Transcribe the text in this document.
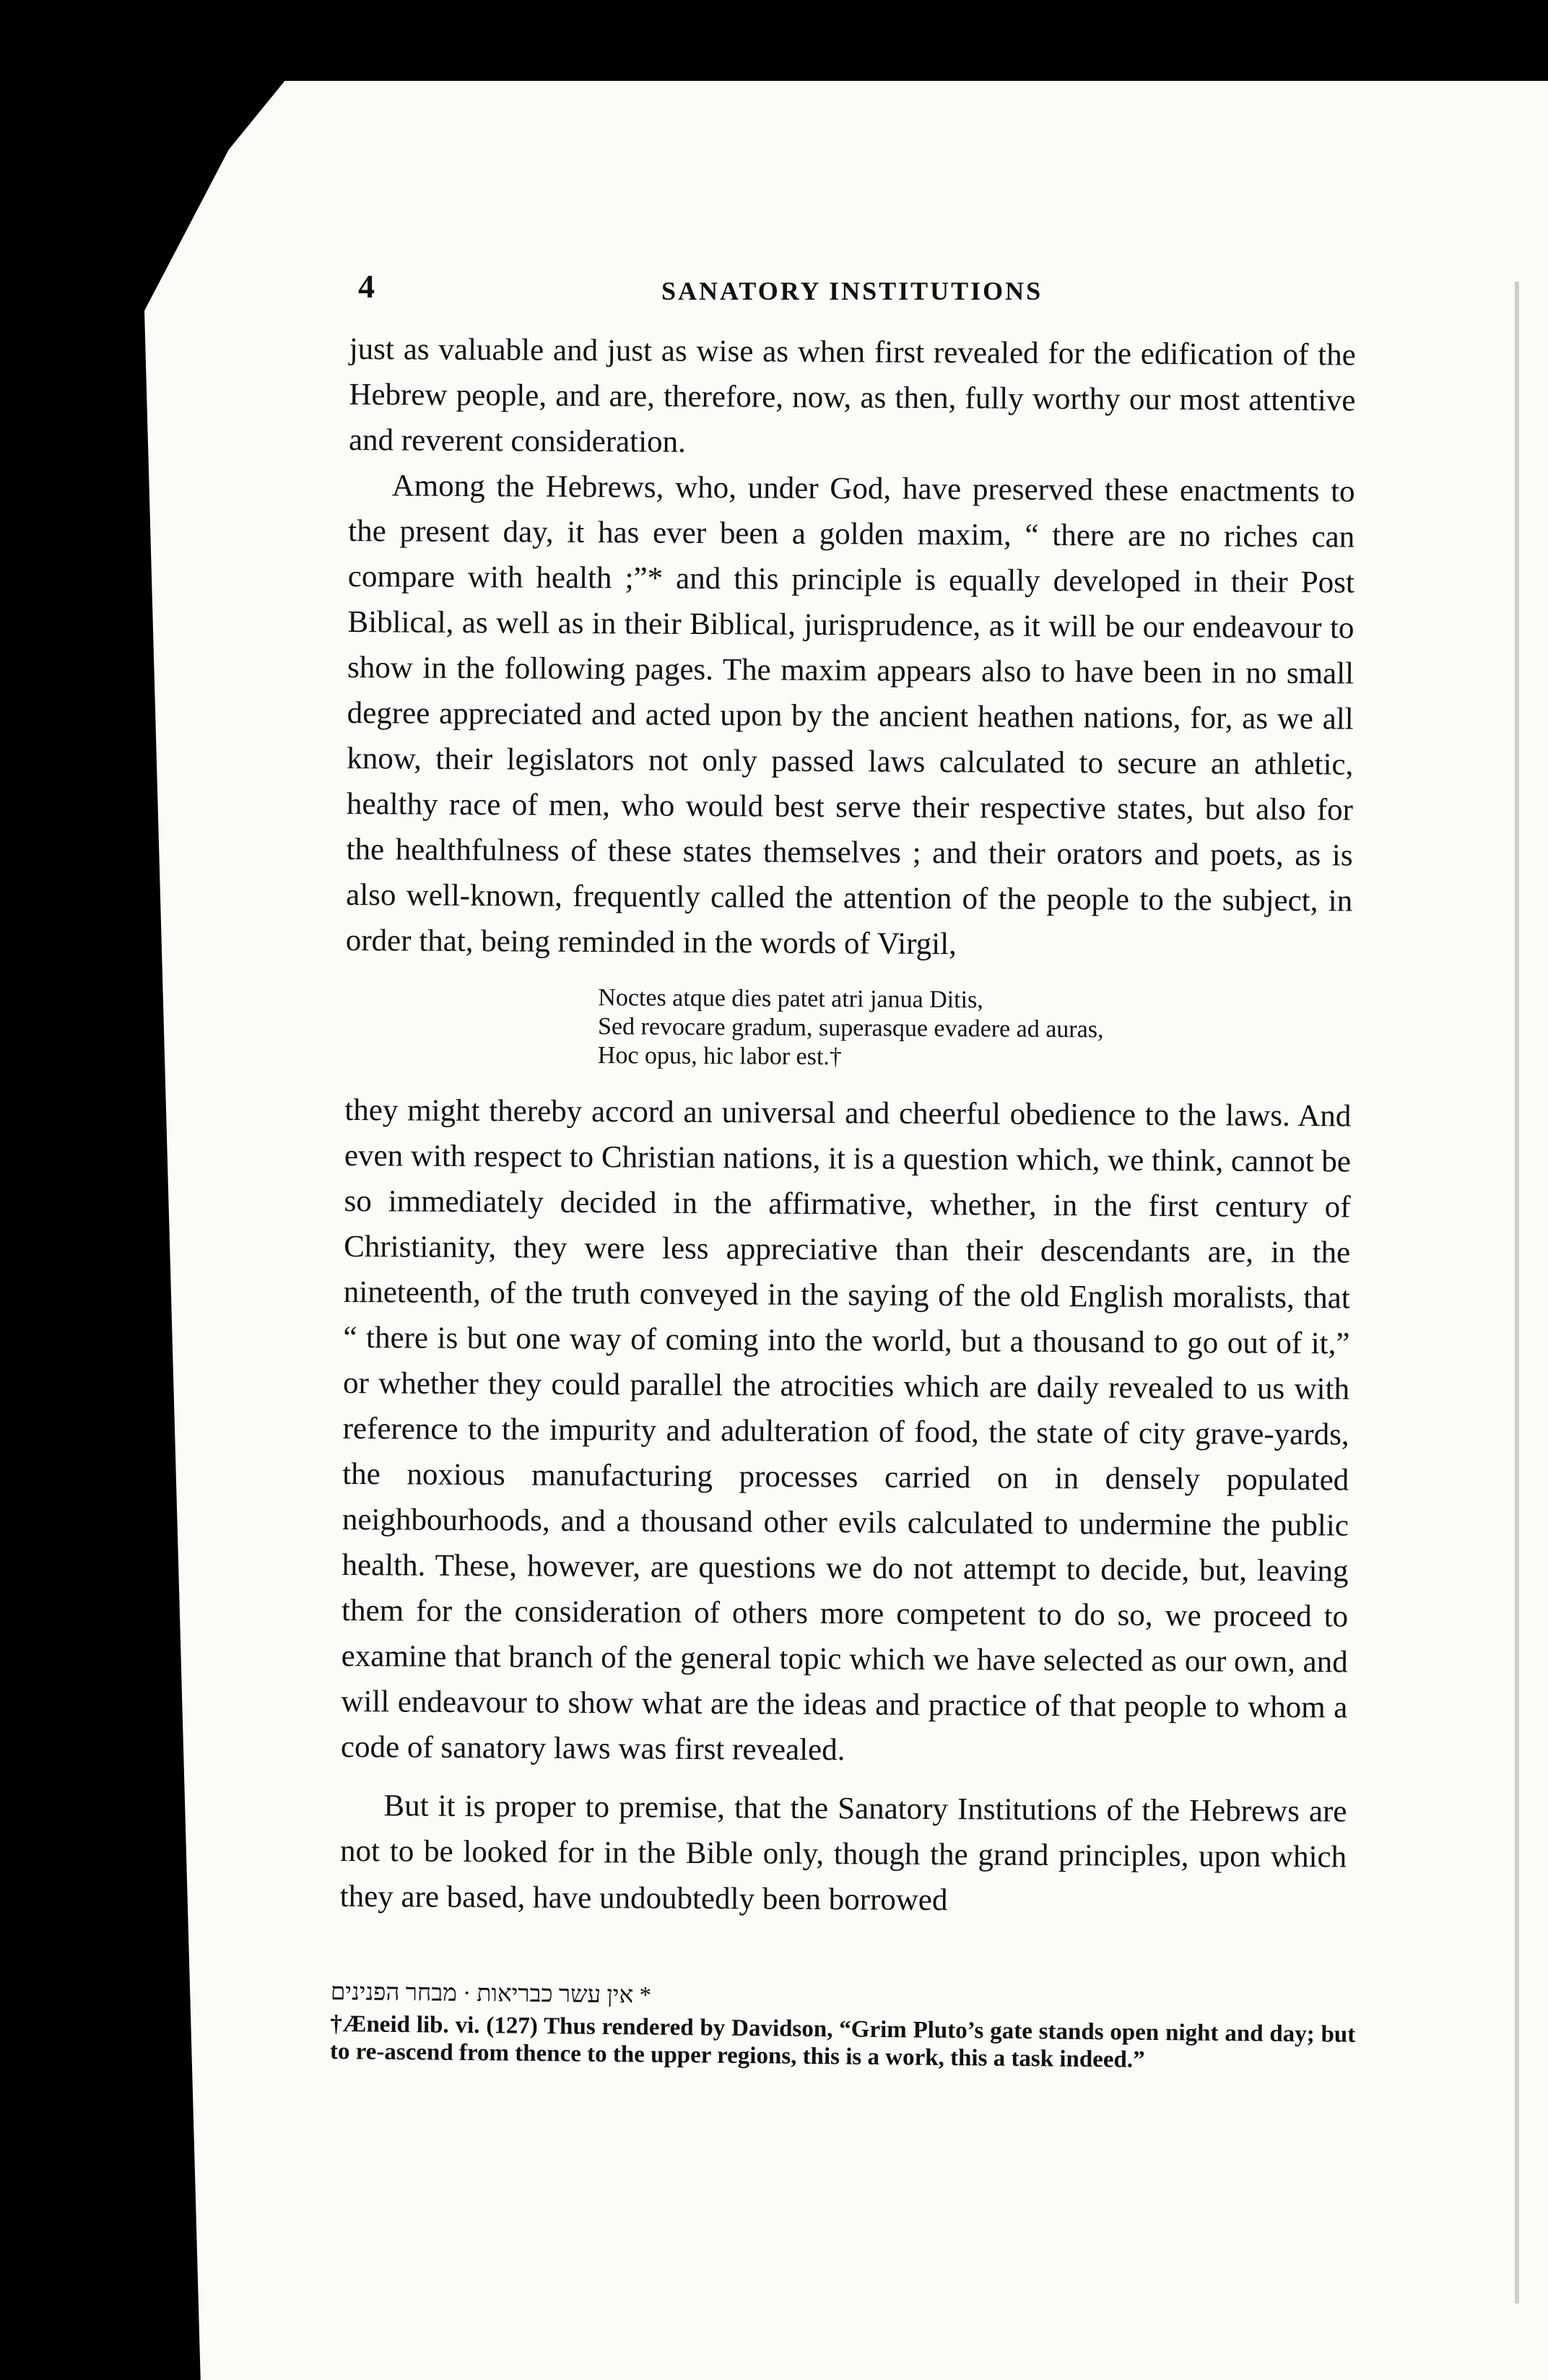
4	SANATORY INSTITUTIONS

just as valuable and just as wise as when first revealed for the edification of the Hebrew people, and are, therefore, now, as then, fully worthy our most attentive and reverent consideration.

Among the Hebrews, who, under God, have preserved these enactments to the present day, it has ever been a golden maxim, “ there are no riches can compare with health ;”* and this principle is equally developed in their Post Biblical, as well as in their Biblical, jurisprudence, as it will be our endeavour to show in the following pages. The maxim appears also to have been in no small degree appreciated and acted upon by the ancient heathen nations, for, as we all know, their legislators not only passed laws calculated to secure an athletic, healthy race of men, who would best serve their respective states, but also for the healthfulness of these states themselves ; and their orators and poets, as is also well-known, frequently called the attention of the people to the subject, in order that, being reminded in the words of Virgil,

Noctes atque dies patet atri janua Ditis,
Sed revocare gradum, superasque evadere ad auras,
Hoc opus, hic labor est.†

they might thereby accord an universal and cheerful obedience to the laws. And even with respect to Christian nations, it is a question which, we think, cannot be so immediately decided in the affirmative, whether, in the first century of Christianity, they were less appreciative than their descendants are, in the nineteenth, of the truth conveyed in the saying of the old English moralists, that “ there is but one way of coming into the world, but a thousand to go out of it,” or whether they could parallel the atrocities which are daily revealed to us with reference to the impurity and adulteration of food, the state of city grave-yards, the noxious manufacturing processes carried on in densely populated neighbourhoods, and a thousand other evils calculated to undermine the public health. These, however, are questions we do not attempt to decide, but, leaving them for the consideration of others more competent to do so, we proceed to examine that branch of the general topic which we have selected as our own, and will endeavour to show what are the ideas and practice of that people to whom a code of sanatory laws was first revealed.

But it is proper to premise, that the Sanatory Institutions of the Hebrews are not to be looked for in the Bible only, though the grand principles, upon which they are based, have undoubtedly been borrowed

* אין עשר כבריאות · מבחר הפנינים

†Æneid lib. vi. (127) Thus rendered by Davidson, “Grim Pluto’s gate stands open night and day; but to re-ascend from thence to the upper regions, this is a work, this a task indeed.”
